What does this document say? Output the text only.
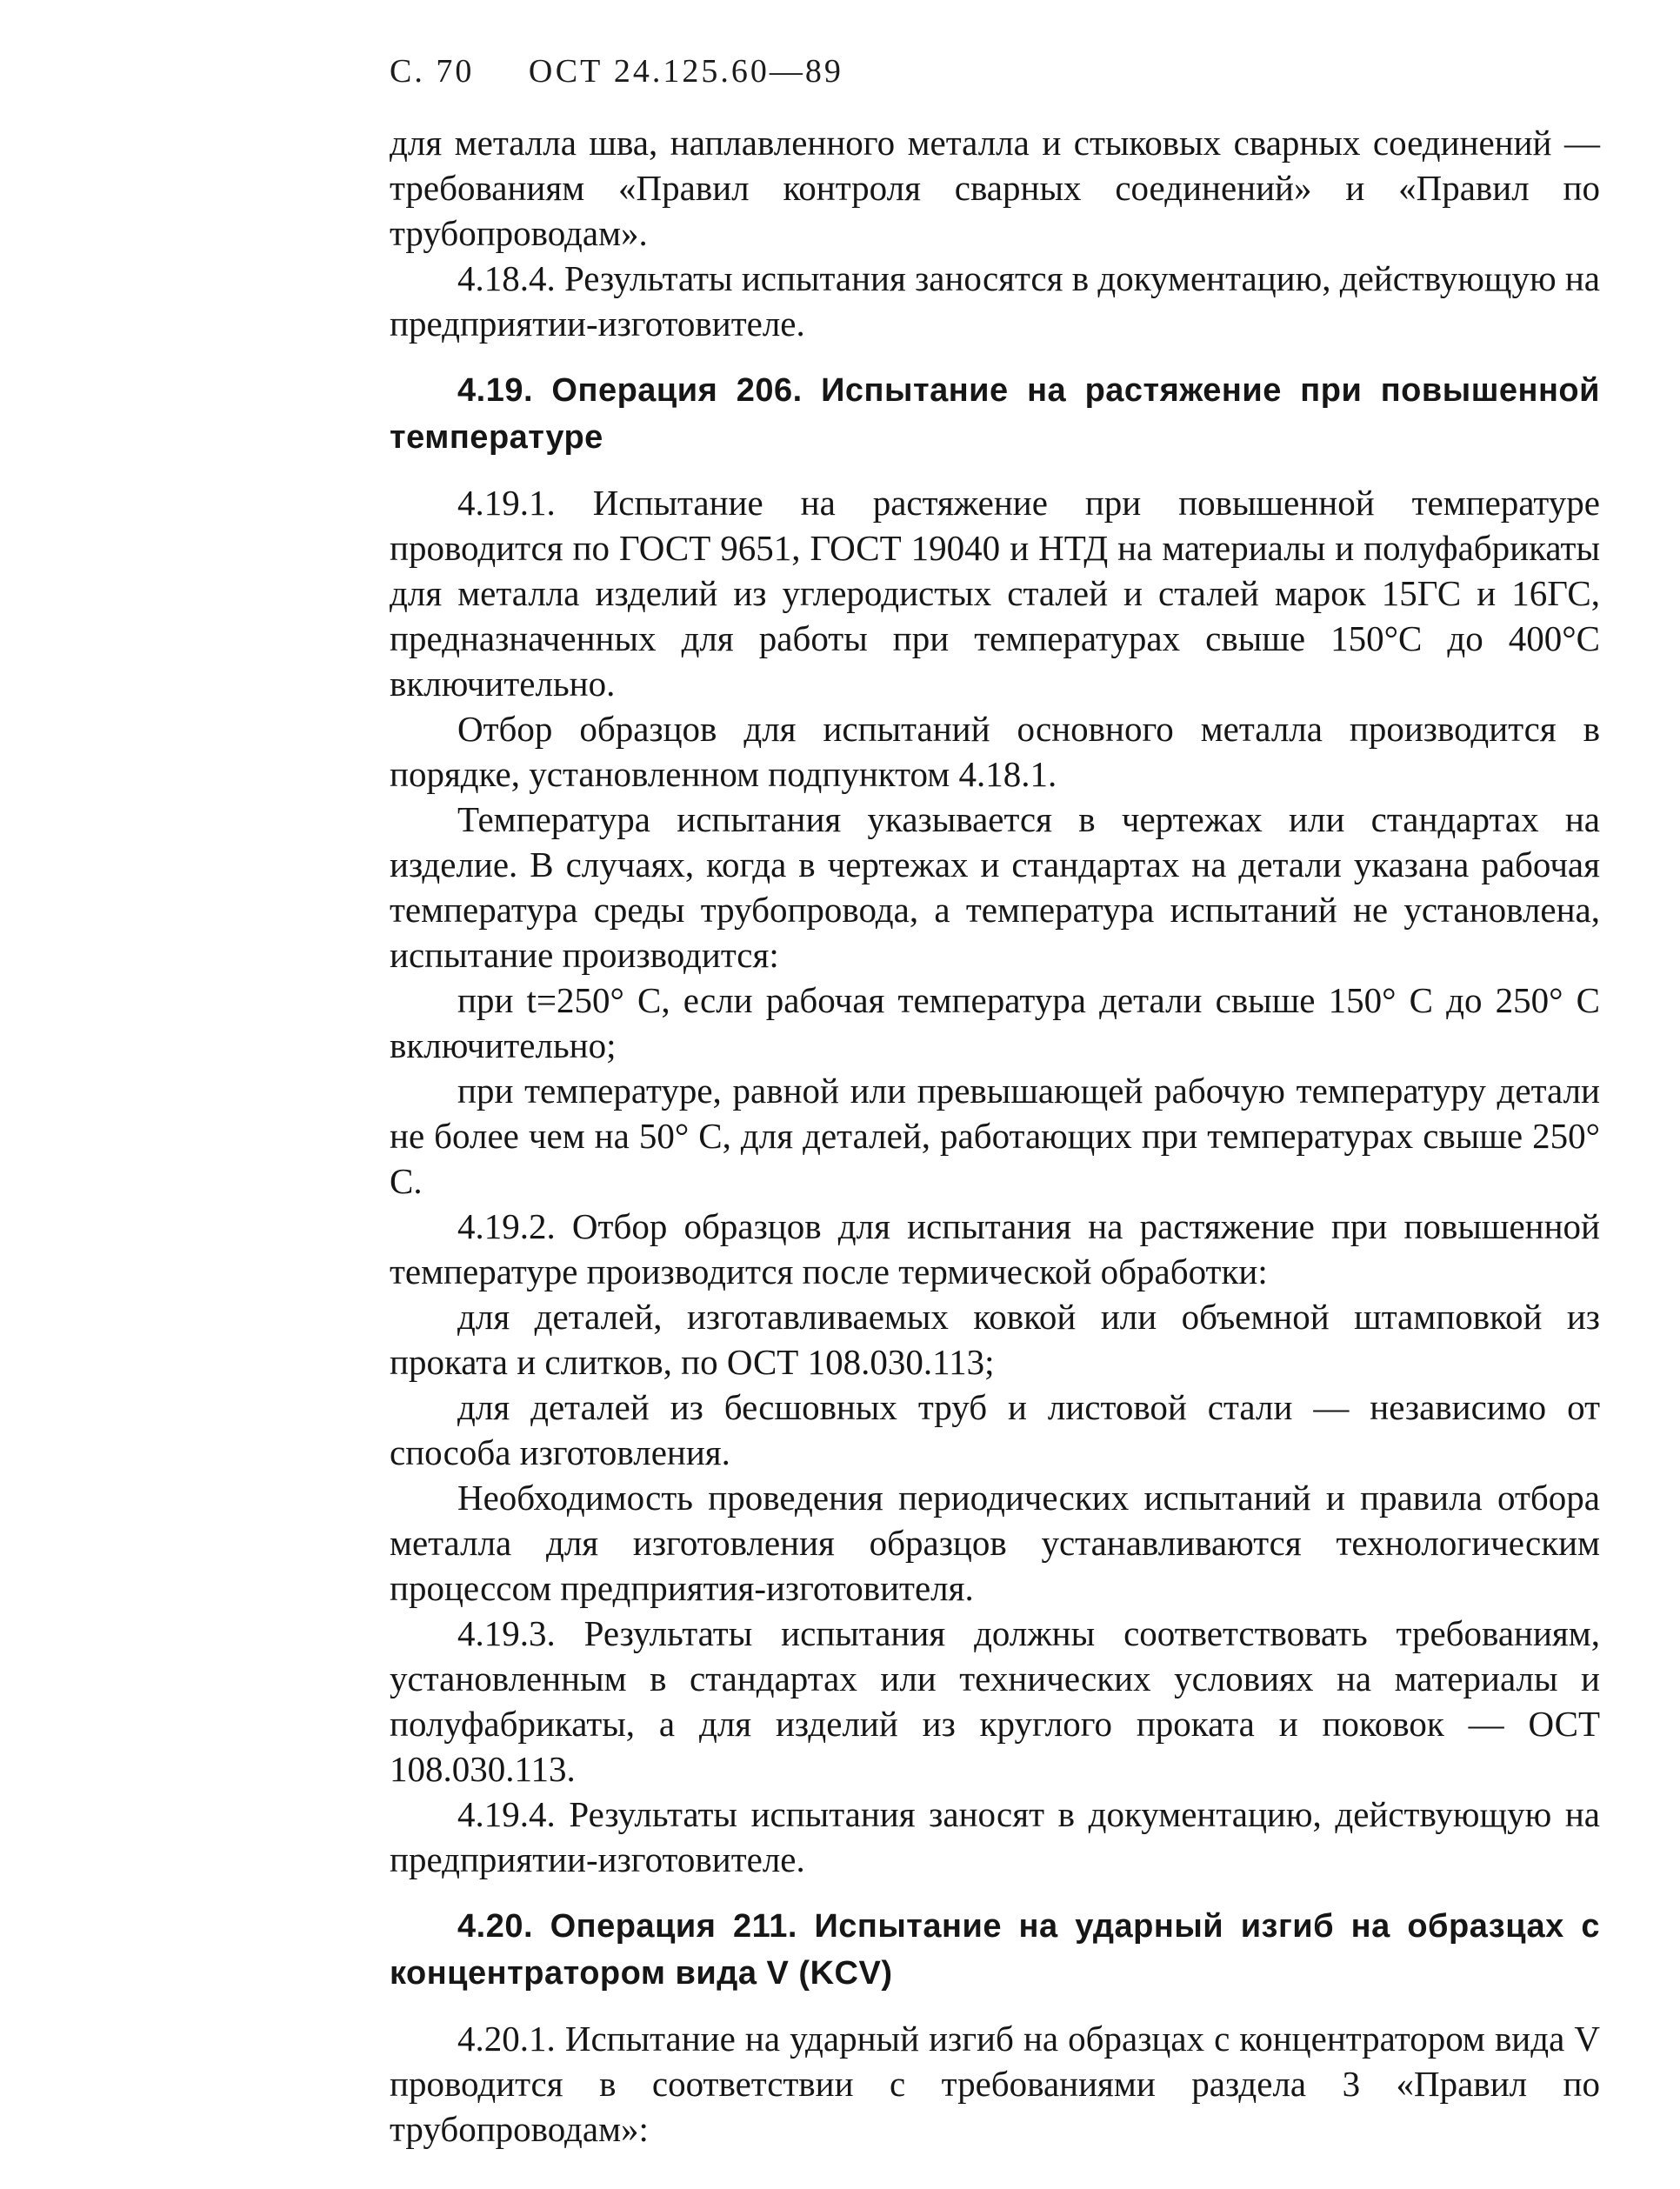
С. 70 ОСТ 24.125.60—89

для металла шва, наплавленного металла и стыковых сварных соединений — требованиям «Правил контроля сварных соединений» и «Правил по трубопроводам».

4.18.4. Результаты испытания заносятся в документацию, действующую на предприятии-изготовителе.

4.19. Операция 206. Испытание на растяжение при повышенной температуре

4.19.1. Испытание на растяжение при повышенной температуре проводится по ГОСТ 9651, ГОСТ 19040 и НТД на материалы и полуфабрикаты для металла изделий из углеродистых сталей и сталей марок 15ГС и 16ГС, предназначенных для работы при температурах свыше 150°С до 400°С включительно.

Отбор образцов для испытаний основного металла производится в порядке, установленном подпунктом 4.18.1.

Температура испытания указывается в чертежах или стандартах на изделие. В случаях, когда в чертежах и стандартах на детали указана рабочая температура среды трубопровода, а температура испытаний не установлена, испытание производится:

при t=250° С, если рабочая температура детали свыше 150° С до 250° С включительно;

при температуре, равной или превышающей рабочую температуру детали не более чем на 50° С, для деталей, работающих при температурах свыше 250° С.

4.19.2. Отбор образцов для испытания на растяжение при повышенной температуре производится после термической обработки:

для деталей, изготавливаемых ковкой или объемной штамповкой из проката и слитков, по ОСТ 108.030.113;

для деталей из бесшовных труб и листовой стали — независимо от способа изготовления.

Необходимость проведения периодических испытаний и правила отбора металла для изготовления образцов устанавливаются технологическим процессом предприятия-изготовителя.

4.19.3. Результаты испытания должны соответствовать требованиям, установленным в стандартах или технических условиях на материалы и полуфабрикаты, а для изделий из круглого проката и поковок — ОСТ 108.030.113.

4.19.4. Результаты испытания заносят в документацию, действующую на предприятии-изготовителе.

4.20. Операция 211. Испытание на ударный изгиб на образцах с концентратором вида V (KCV)

4.20.1. Испытание на ударный изгиб на образцах с концентратором вида V проводится в соответствии с требованиями раздела 3 «Правил по трубопроводам»:
